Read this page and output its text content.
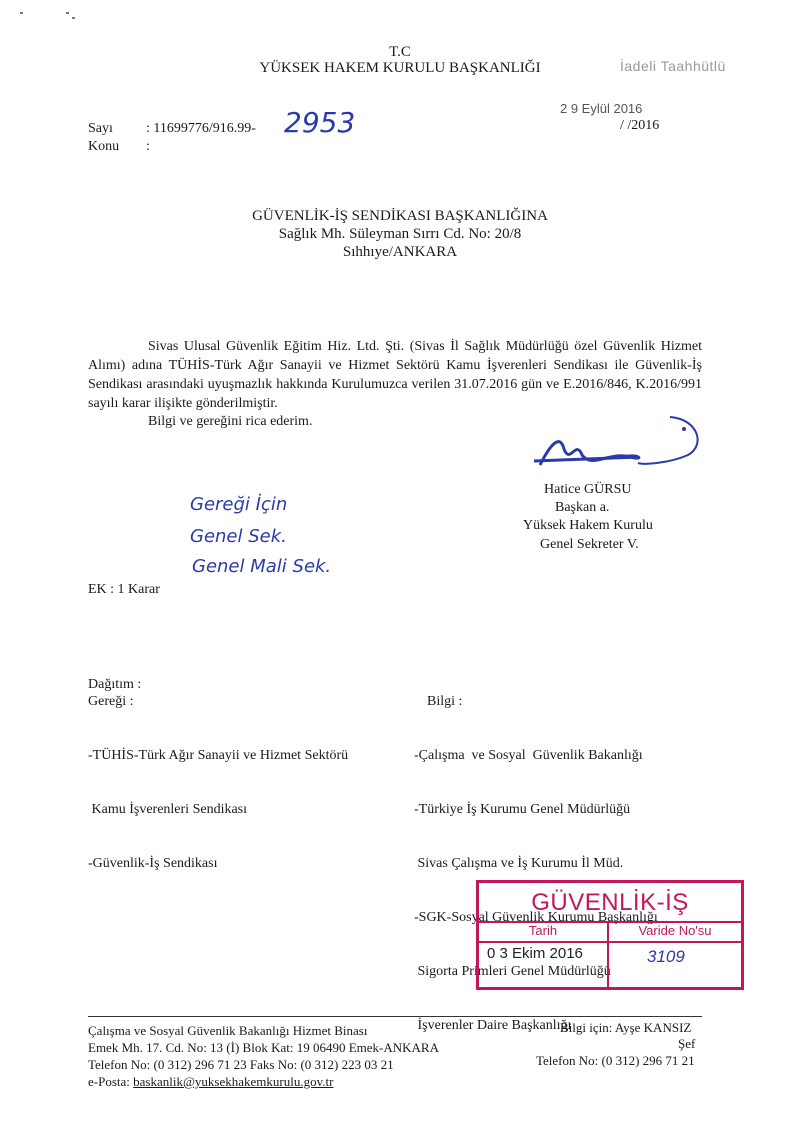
T.C
YÜKSEK HAKEM KURULU BAŞKANLIĞI	İadeli Taahhütlü
Sayı : 11699776/916.99- 2953
Konu :
2 9 Eylül 2016
/ /2016
GÜVENLİK-İŞ SENDİKASI BAŞKANLIĞINA
Sağlık Mh. Süleyman Sırrı Cd. No: 20/8
Sıhhıye/ANKARA
Sivas Ulusal Güvenlik Eğitim Hiz. Ltd. Şti. (Sivas İl Sağlık Müdürlüğü özel Güvenlik Hizmet Alımı) adına TÜHİS-Türk Ağır Sanayii ve Hizmet Sektörü Kamu İşverenleri Sendikası ile Güvenlik-İş Sendikası arasındaki uyuşmazlık hakkında Kurulumuzca verilen 31.07.2016 gün ve E.2016/846, K.2016/991 sayılı karar ilişikte gönderilmiştir.
Bilgi ve gereğini rica ederim.
Hatice GÜRSU
Başkan a.
Yüksek Hakem Kurulu
Genel Sekreter V.
Gereği İçin
Genel Sek.
Genel Mali Sek.
EK : 1 Karar
Dağıtım :
Gereği :

-TÜHİS-Türk Ağır Sanayii ve Hizmet Sektörü

Kamu İşverenleri Sendikası

-Güvenlik-İş Sendikası

Bilgi :

-Çalışma  ve Sosyal  Güvenlik Bakanlığı

-Türkiye İş Kurumu Genel Müdürlüğü

Sivas Çalışma ve İş Kurumu İl Müd.

-SGK-Sosyal Güvenlik Kurumu Başkanlığı

Sigorta Primleri Genel Müdürlüğü

İşverenler Daire Başkanlığı

GÜVENLİK-İŞ
Tarih	Varide No'su
0 3 Ekim 2016	3109
Çalışma ve Sosyal Güvenlik Bakanlığı Hizmet Binası
Emek Mh. 17. Cd. No: 13 (İ) Blok Kat: 19 06490 Emek-ANKARA
Telefon No: (0 312) 296 71 23 Faks No: (0 312) 223 03 21
e-Posta: baskanlik@yuksekhakemkurulu.gov.tr
Bilgi için: Ayşe KANSIZ
Şef
Telefon No: (0 312) 296 71 21
